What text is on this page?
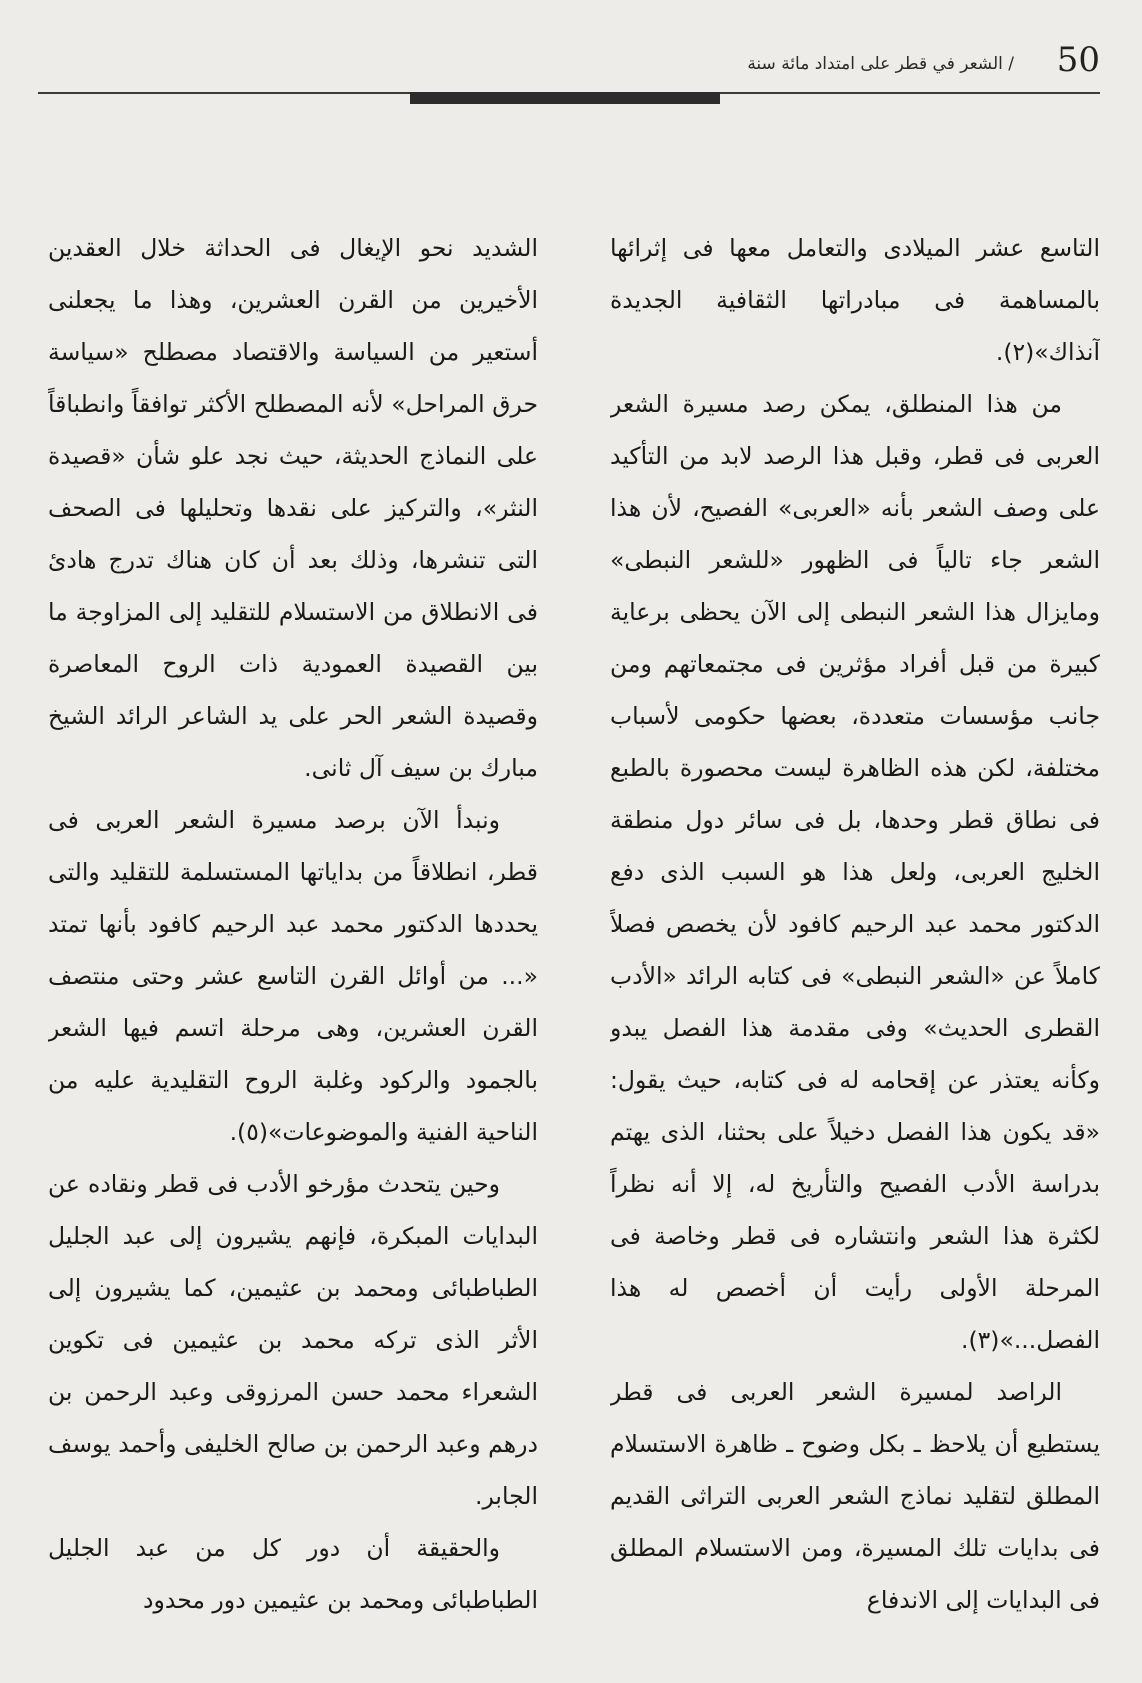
50
/ الشعر في قطر على امتداد مائة سنة

التاسع عشر الميلادى والتعامل معها فى إثرائها بالمساهمة فى مبادراتها الثقافية الجديدة آنذاك»(٢).

من هذا المنطلق، يمكن رصد مسيرة الشعر العربى فى قطر، وقبل هذا الرصد لابد من التأكيد على وصف الشعر بأنه «العربى» الفصيح، لأن هذا الشعر جاء تالياً فى الظهور «للشعر النبطى» ومايزال هذا الشعر النبطى إلى الآن يحظى برعاية كبيرة من قبل أفراد مؤثرين فى مجتمعاتهم ومن جانب مؤسسات متعددة، بعضها حكومى لأسباب مختلفة، لكن هذه الظاهرة ليست محصورة بالطبع فى نطاق قطر وحدها، بل فى سائر دول منطقة الخليج العربى، ولعل هذا هو السبب الذى دفع الدكتور محمد عبد الرحيم كافود لأن يخصص فصلاً كاملاً عن «الشعر النبطى» فى كتابه الرائد «الأدب القطرى الحديث» وفى مقدمة هذا الفصل يبدو وكأنه يعتذر عن إقحامه له فى كتابه، حيث يقول: «قد يكون هذا الفصل دخيلاً على بحثنا، الذى يهتم بدراسة الأدب الفصيح والتأريخ له، إلا أنه نظراً لكثرة هذا الشعر وانتشاره فى قطر وخاصة فى المرحلة الأولى رأيت أن أخصص له هذا الفصل...»(٣).

الراصد لمسيرة الشعر العربى فى قطر يستطيع أن يلاحظ ـ بكل وضوح ـ ظاهرة الاستسلام المطلق لتقليد نماذج الشعر العربى التراثى القديم فى بدايات تلك المسيرة، ومن الاستسلام المطلق فى البدايات إلى الاندفاع

الشديد نحو الإيغال فى الحداثة خلال العقدين الأخيرين من القرن العشرين، وهذا ما يجعلنى أستعير من السياسة والاقتصاد مصطلح «سياسة حرق المراحل» لأنه المصطلح الأكثر توافقاً وانطباقاً على النماذج الحديثة، حيث نجد علو شأن «قصيدة النثر»، والتركيز على نقدها وتحليلها فى الصحف التى تنشرها، وذلك بعد أن كان هناك تدرج هادئ فى الانطلاق من الاستسلام للتقليد إلى المزاوجة ما بين القصيدة العمودية ذات الروح المعاصرة وقصيدة الشعر الحر على يد الشاعر الرائد الشيخ مبارك بن سيف آل ثانى.

ونبدأ الآن برصد مسيرة الشعر العربى فى قطر، انطلاقاً من بداياتها المستسلمة للتقليد والتى يحددها الدكتور محمد عبد الرحيم كافود بأنها تمتد «... من أوائل القرن التاسع عشر وحتى منتصف القرن العشرين، وهى مرحلة اتسم فيها الشعر بالجمود والركود وغلبة الروح التقليدية عليه من الناحية الفنية والموضوعات»(٥).

وحين يتحدث مؤرخو الأدب فى قطر ونقاده عن البدايات المبكرة، فإنهم يشيرون إلى عبد الجليل الطباطبائى ومحمد بن عثيمين، كما يشيرون إلى الأثر الذى تركه محمد بن عثيمين فى تكوين الشعراء محمد حسن المرزوقى وعبد الرحمن بن درهم وعبد الرحمن بن صالح الخليفى وأحمد يوسف الجابر.

والحقيقة أن دور كل من عبد الجليل الطباطبائى ومحمد بن عثيمين دور محدود
